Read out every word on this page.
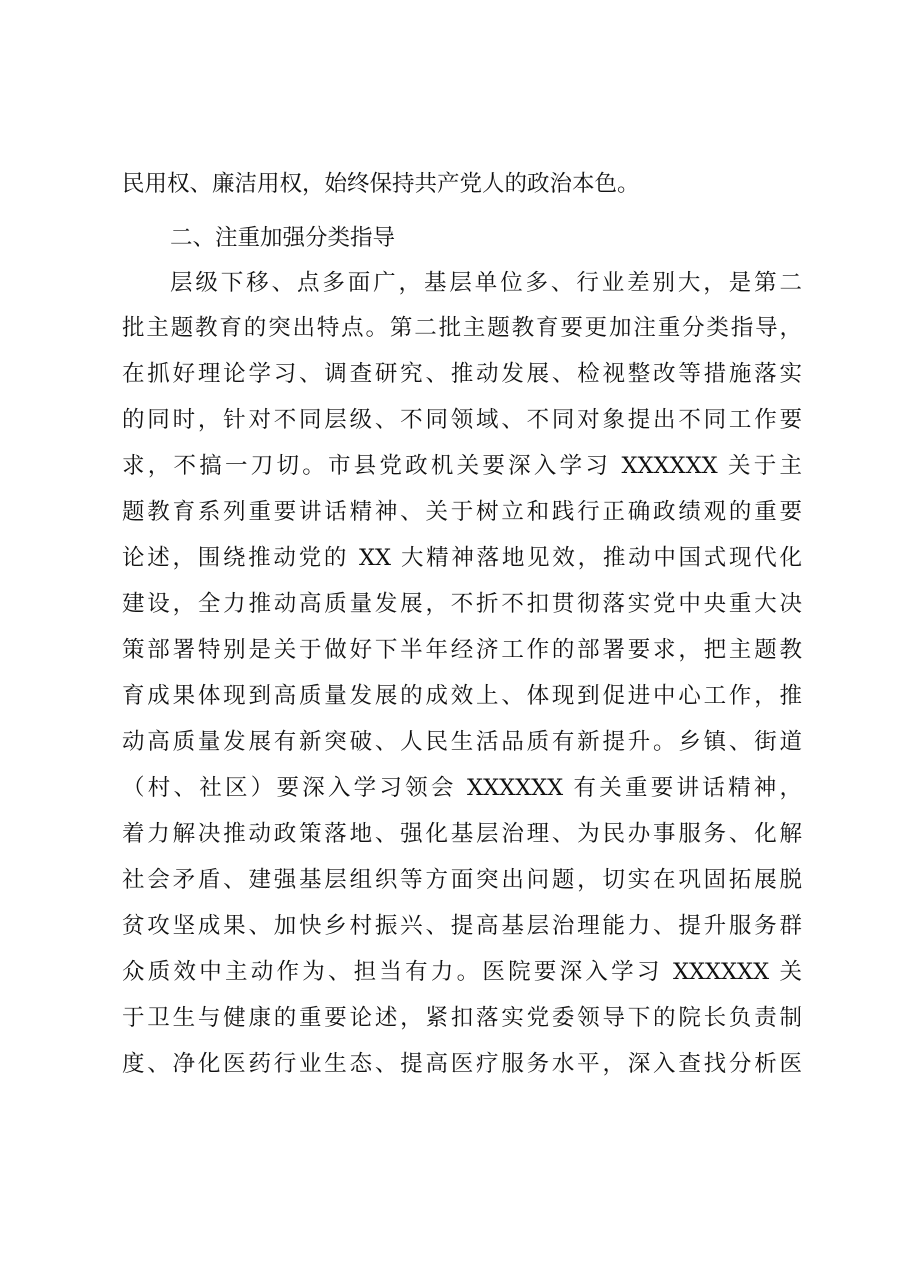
民用权、廉洁用权，始终保持共产党人的政治本色。
二、注重加强分类指导
层级下移、点多面广，基层单位多、行业差别大，是第二
批主题教育的突出特点。第二批主题教育要更加注重分类指导，
在抓好理论学习、调查研究、推动发展、检视整改等措施落实
的同时，针对不同层级、不同领域、不同对象提出不同工作要
求，不搞一刀切。市县党政机关要深入学习 XXXXXX 关于主
题教育系列重要讲话精神、关于树立和践行正确政绩观的重要
论述，围绕推动党的 XX 大精神落地见效，推动中国式现代化
建设，全力推动高质量发展，不折不扣贯彻落实党中央重大决
策部署特别是关于做好下半年经济工作的部署要求，把主题教
育成果体现到高质量发展的成效上、体现到促进中心工作，推
动高质量发展有新突破、人民生活品质有新提升。乡镇、街道
（村、社区）要深入学习领会 XXXXXX 有关重要讲话精神，
着力解决推动政策落地、强化基层治理、为民办事服务、化解
社会矛盾、建强基层组织等方面突出问题，切实在巩固拓展脱
贫攻坚成果、加快乡村振兴、提高基层治理能力、提升服务群
众质效中主动作为、担当有力。医院要深入学习 XXXXXX 关
于卫生与健康的重要论述，紧扣落实党委领导下的院长负责制
度、净化医药行业生态、提高医疗服务水平，深入查找分析医
